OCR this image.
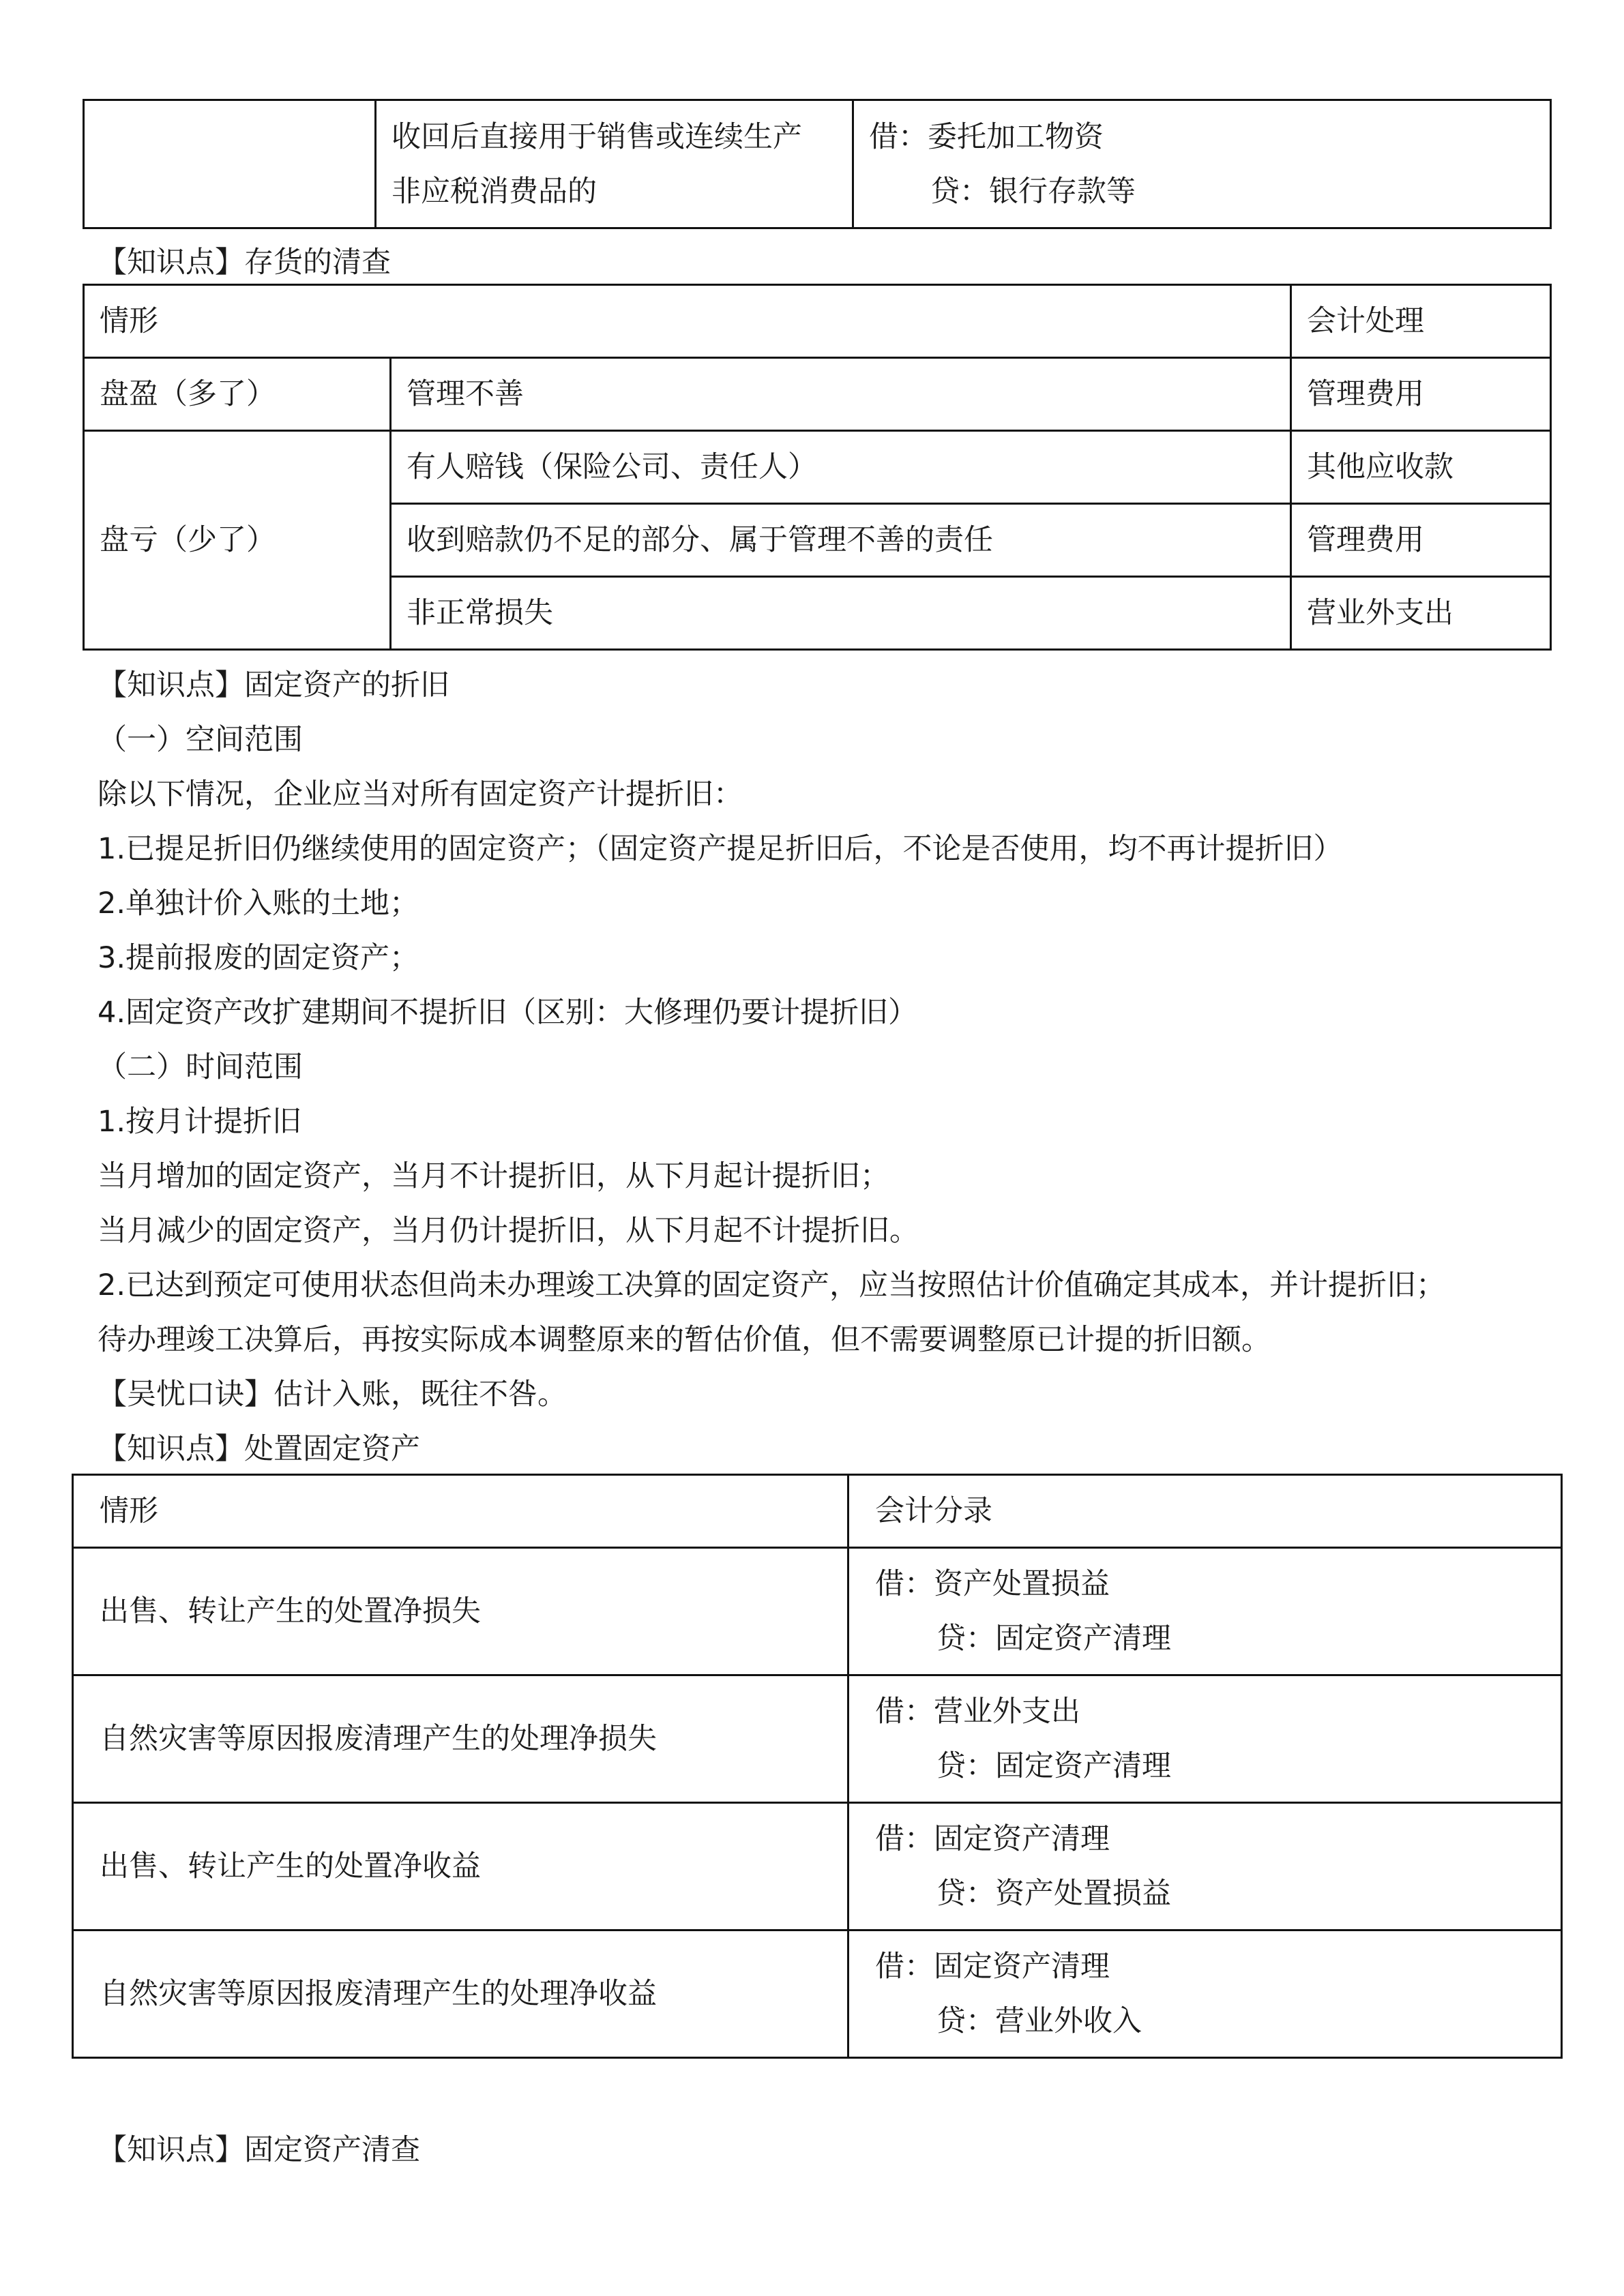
收回后直接用于销售或连续生产
非应税消费品的

借：委托加工物资
贷：银行存款等
【知识点】存货的清查
情形		会计处理
盘盈（多了）	管理不善	管理费用
盘亏（少了）	有人赔钱（保险公司、责任人）	其他应收款
	收到赔款仍不足的部分、属于管理不善的责任	管理费用
	非正常损失	营业外支出
【知识点】固定资产的折旧
（一）空间范围
除以下情况，企业应当对所有固定资产计提折旧：
1.已提足折旧仍继续使用的固定资产；（固定资产提足折旧后，不论是否使用，均不再计提折旧）
2.单独计价入账的土地；
3.提前报废的固定资产；
4.固定资产改扩建期间不提折旧（区别：大修理仍要计提折旧）
（二）时间范围
1.按月计提折旧
当月增加的固定资产，当月不计提折旧，从下月起计提折旧；
当月减少的固定资产，当月仍计提折旧，从下月起不计提折旧。
2.已达到预定可使用状态但尚未办理竣工决算的固定资产，应当按照估计价值确定其成本，并计提折旧；
待办理竣工决算后，再按实际成本调整原来的暂估价值，但不需要调整原已计提的折旧额。
【吴忧口诀】估计入账，既往不咎。
【知识点】处置固定资产
情形	会计分录
出售、转让产生的处置净损失	借：资产处置损益
贷：固定资产清理

自然灾害等原因报废清理产生的处理净损失	借：营业外支出
贷：固定资产清理

出售、转让产生的处置净收益	借：固定资产清理
贷：资产处置损益

自然灾害等原因报废清理产生的处理净收益	借：固定资产清理
贷：营业外收入
【知识点】固定资产清查
